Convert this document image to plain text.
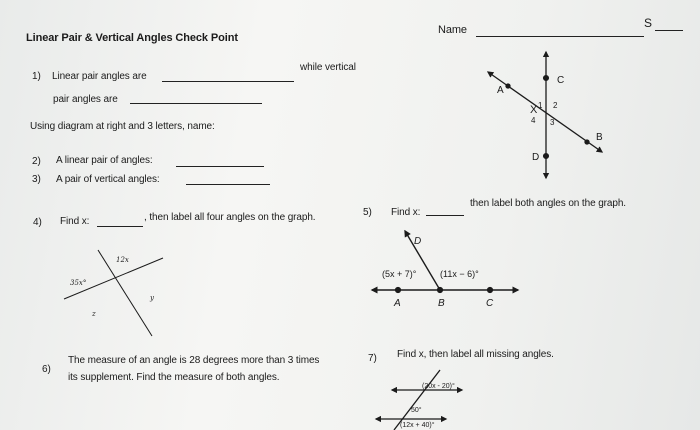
Linear Pair & Vertical Angles Check Point
Name	S
1) Linear pair angles are
while vertical
pair angles are
Using diagram at right and 3 letters, name:
2) A linear pair of angles:
3) A pair of vertical angles:
4) Find x:	, then label all four angles on the graph.	5) Find x:
then label both angles on the graph.
6)
The measure of an angle is 28 degrees more than 3 times
its supplement. Find the measure of both angles.
7) Find x, then label all missing angles.
A
B
C
D
X 1 2
3
4
12x
35x°
y
z
D
(5x + 7)°	(11x − 6)°
A	B	C
(20x - 20)°
50°
(12x + 40)°
